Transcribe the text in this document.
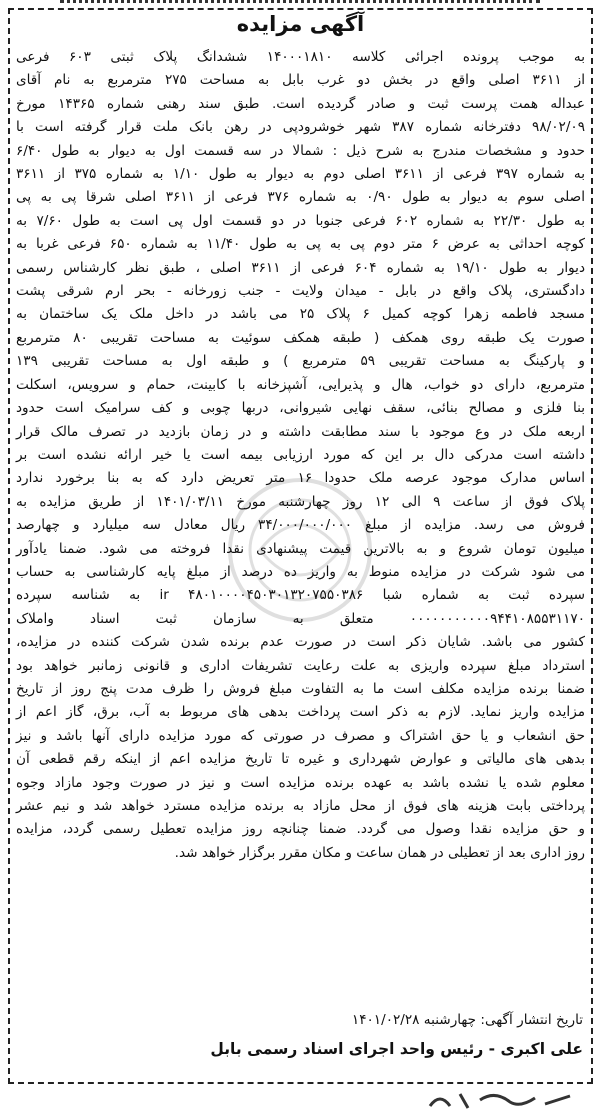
آگهی مزایده
به موجب پرونده اجرائی کلاسه ۱۴۰۰۰۱۸۱۰ ششدانگ پلاک ثبتی ۶۰۳ فرعی
از ۳۶۱۱ اصلی واقع در بخش دو غرب بابل به مساحت ۲۷۵ مترمربع به نام آقای
عبداله همت پرست ثبت و صادر گردیده است. طبق سند رهنی شماره ۱۴۳۶۵ مورخ
۹۸/۰۲/۰۹ دفترخانه شماره ۳۸۷ شهر خوشرودپی در رهن بانک ملت قرار گرفته است با
حدود و مشخصات مندرج به شرح ذیل : شمالا در سه قسمت اول به دیوار به طول ۶/۴۰
به شماره ۳۹۷ فرعی از ۳۶۱۱ اصلی دوم به دیوار به طول ۱/۱۰ به شماره ۳۷۵ از ۳۶۱۱
اصلی سوم به دیوار به طول ۰/۹۰ به شماره ۳۷۶ فرعی از ۳۶۱۱ اصلی شرقا پی به پی
به طول ۲۲/۳۰ به شماره ۶۰۲ فرعی جنوبا در دو قسمت اول پی است به طول ۷/۶۰ به
کوچه احداثی به عرض ۶ متر دوم پی به پی به طول ۱۱/۴۰ به شماره ۶۵۰ فرعی غربا به
دیوار به طول ۱۹/۱۰ به شماره ۶۰۴ فرعی از ۳۶۱۱ اصلی ، طبق نظر کارشناس رسمی
دادگستری، پلاک واقع در بابل - میدان ولایت - جنب زورخانه - بحر ارم شرقی پشت
مسجد فاطمه زهرا کوچه کمیل ۶ پلاک ۲۵ می باشد در داخل ملک یک ساختمان به
صورت یک طبقه روی همکف ( طبقه همکف سوئیت به مساحت تقریبی ۸۰ مترمربع
و پارکینگ به مساحت تقریبی ۵۹ مترمربع ) و طبقه اول به مساحت تقریبی ۱۳۹
مترمربع، دارای دو خواب، هال و پذیرایی، آشپزخانه با کابینت، حمام و سرویس، اسکلت
بنا فلزی و مصالح بنائی، سقف نهایی شیروانی، دربها چوبی و کف سرامیک است حدود
اربعه ملک در وع موجود با سند مطابقت داشته و در زمان بازدید در تصرف مالک قرار
داشته است مدرکی دال بر این که مورد ارزیابی بیمه است یا خیر ارائه نشده است بر
اساس مدارک موجود عرصه ملک حدودا ۱۶ متر تعریض دارد که به بنا برخورد ندارد
پلاک فوق از ساعت ۹ الی ۱۲ روز چهارشنبه مورخ ۱۴۰۱/۰۳/۱۱ از طریق مزایده به
فروش می رسد. مزایده از مبلغ ۳۴/۰۰۰/۰۰۰/۰۰۰ ریال معادل سه میلیارد و چهارصد
میلیون تومان شروع و به بالاترین قیمت پیشنهادی نقدا فروخته می شود. ضمنا یادآور
می شود شرکت در مزایده منوط به واریز ده درصد از مبلغ پایه کارشناسی به حساب
سپرده ثبت به شماره شبا ir ۴۸۰۱۰۰۰۰۴۵۰۳۰۱۳۲۰۷۵۵۰۳۸۶ به شناسه سپرده
۰۰۰۰۰۰۰۰۰۰۰۹۴۴۱۰۸۵۵۳۱۱۷۰ متعلق به سازمان ثبت اسناد واملاک
کشور می باشد. شایان ذکر است در صورت عدم برنده شدن شرکت کننده در مزایده،
استرداد مبلغ سپرده واریزی به علت رعایت تشریفات اداری و قانونی زمانبر خواهد بود
ضمنا برنده مزایده مکلف است ما به التفاوت مبلغ فروش را ظرف مدت پنج روز از تاریخ
مزایده واریز نماید. لازم به ذکر است پرداخت بدهی های مربوط به آب، برق، گاز اعم از
حق انشعاب و یا حق اشتراک و مصرف در صورتی که مورد مزایده دارای آنها باشد و نیز
بدهی های مالیاتی و عوارض شهرداری و غیره تا تاریخ مزایده اعم از اینکه رقم قطعی آن
معلوم شده یا نشده باشد به عهده برنده مزایده است و نیز در صورت وجود مازاد وجوه
پرداختی بابت هزینه های فوق از محل مازاد به برنده مزایده مسترد خواهد شد و نیم عشر
و حق مزایده نقدا وصول می گردد. ضمنا چنانچه روز مزایده تعطیل رسمی گردد، مزایده
روز اداری بعد از تعطیلی در همان ساعت و مکان مقرر برگزار خواهد شد.
تاریخ انتشار آگهی: چهارشنبه ۱۴۰۱/۰۲/۲۸
علی اکبری - رئیس واحد اجرای اسناد رسمی بابل
